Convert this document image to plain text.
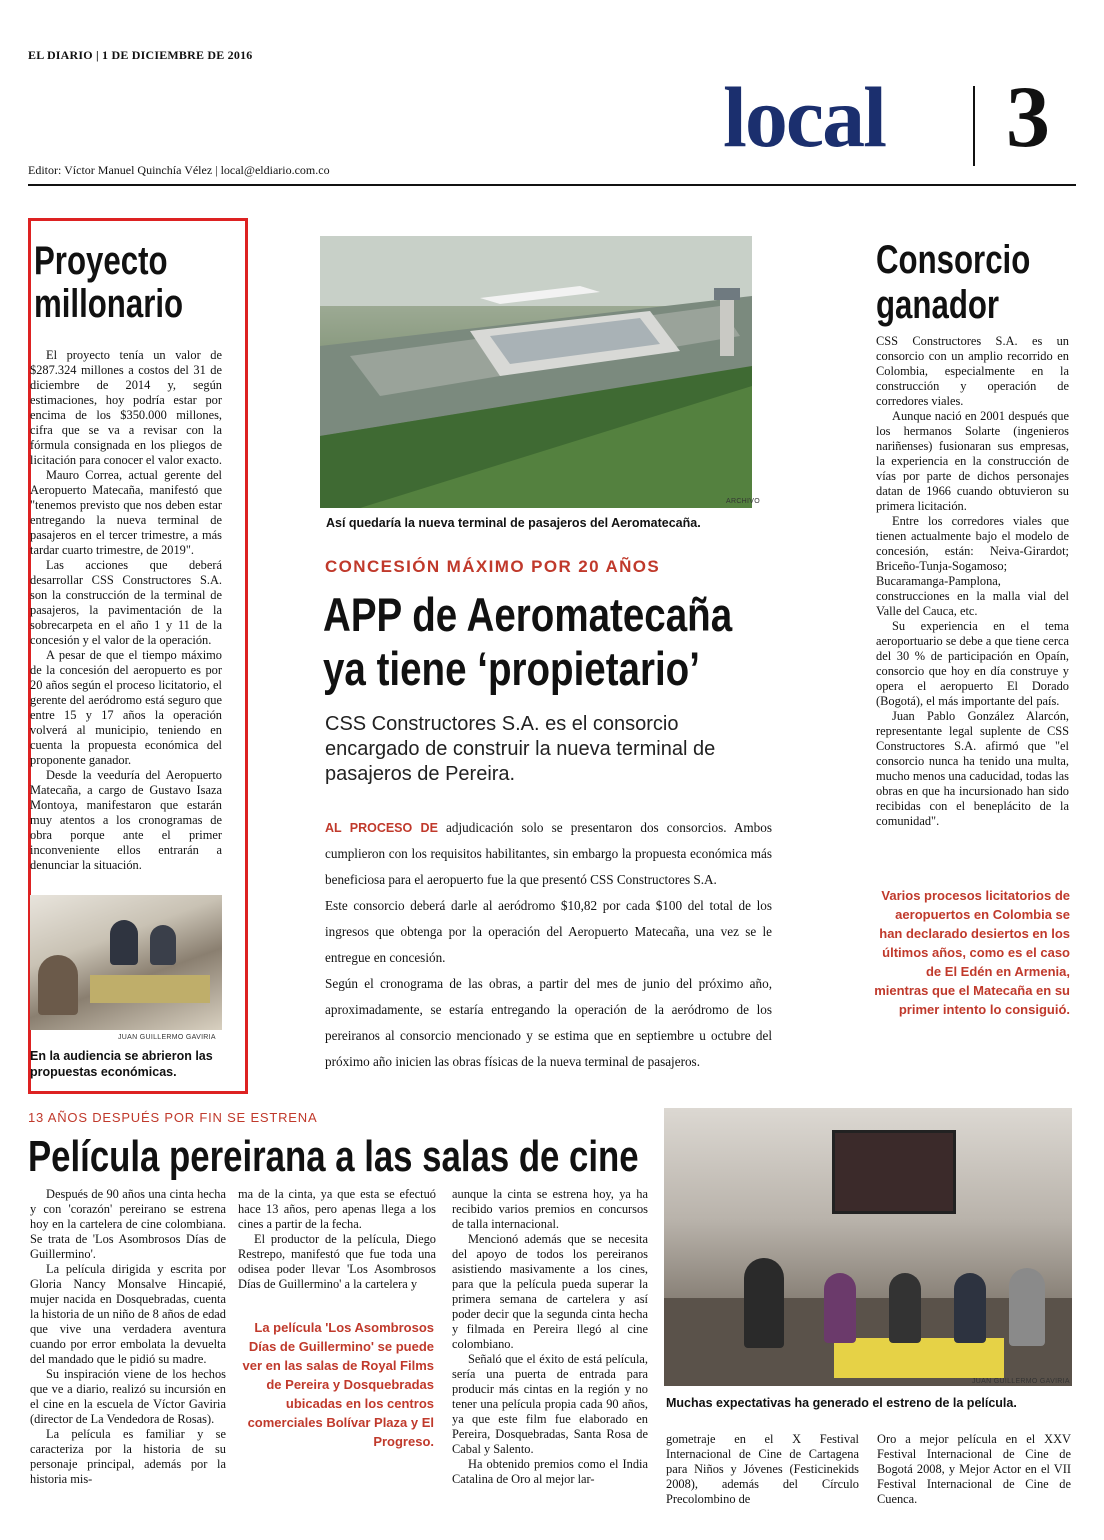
EL DIARIO | 1 DE DICIEMBRE DE 2016
local 3
Editor: Víctor Manuel Quinchía Vélez | local@eldiario.com.co
Proyecto
millonario

El proyecto tenía un valor de $287.324 millones a costos del 31 de diciembre de 2014 y, según estimaciones, hoy podría estar por encima de los $350.000 millones, cifra que se va a revisar con la fórmula consignada en los pliegos de licitación para conocer el valor exacto.

Mauro Correa, actual gerente del Aeropuerto Matecaña, manifestó que "tenemos previsto que nos deben estar entregando la nueva terminal de pasajeros en el tercer trimestre, a más tardar cuarto trimestre, de 2019".

Las acciones que deberá desarrollar CSS Constructores S.A. son la construcción de la terminal de pasajeros, la pavimentación de la sobrecarpeta en el año 1 y 11 de la concesión y el valor de la operación.

A pesar de que el tiempo máximo de la concesión del aeropuerto es por 20 años según el proceso licitatorio, el gerente del aeródromo está seguro que entre 15 y 17 años la operación volverá al municipio, teniendo en cuenta la propuesta económica del proponente ganador.

Desde la veeduría del Aeropuerto Matecaña, a cargo de Gustavo Isaza Montoya, manifestaron que estarán muy atentos a los cronogramas de obra porque ante el primer inconveniente ellos entrarán a denunciar la situación.

JUAN GUILLERMO GAVIRIA
En la audiencia se abrieron las propuestas económicas.
ARCHIVO
Así quedaría la nueva terminal de pasajeros del Aeromatecaña.
CONCESIÓN MÁXIMO POR 20 AÑOS
APP de Aeromatecaña
ya tiene ‘propietario’
CSS Constructores S.A. es el consorcio encargado de construir la nueva terminal de pasajeros de Pereira.
AL PROCESO DE adjudicación solo se presentaron dos consorcios. Ambos cumplieron con los requisitos habilitantes, sin embargo la propuesta económica más beneficiosa para el aeropuerto fue la que presentó CSS Constructores S.A.
Este consorcio deberá darle al aeródromo $10,82 por cada $100 del total de los ingresos que obtenga por la operación del Aeropuerto Matecaña, una vez se le entregue en concesión.
Según el cronograma de las obras, a partir del mes de junio del próximo año, aproximadamente, se estaría entregando la operación de la aeródromo de los pereiranos al consorcio mencionado y se estima que en septiembre u octubre del próximo año inicien las obras físicas de la nueva terminal de pasajeros.
Consorcio
ganador

CSS Constructores S.A. es un consorcio con un amplio recorrido en Colombia, especialmente en la construcción y operación de corredores viales.

Aunque nació en 2001 después que los hermanos Solarte (ingenieros nariñenses) fusionaran sus empresas, la experiencia en la construcción de vías por parte de dichos personajes datan de 1966 cuando obtuvieron su primera licitación.

Entre los corredores viales que tienen actualmente bajo el modelo de concesión, están: Neiva-Girardot; Briceño-Tunja-Sogamoso; Bucaramanga-Pamplona, construcciones en la malla vial del Valle del Cauca, etc.

Su experiencia en el tema aeroportuario se debe a que tiene cerca del 30 % de participación en Opaín, consorcio que hoy en día construye y opera el aeropuerto El Dorado (Bogotá), el más importante del país.

Juan Pablo González Alarcón, representante legal suplente de CSS Constructores S.A. afirmó que "el consorcio nunca ha tenido una multa, mucho menos una caducidad, todas las obras en que ha incursionado han sido recibidas con el beneplácito de la comunidad".

Varios procesos licitatorios de aeropuertos en Colombia se han declarado desiertos en los últimos años, como es el caso de El Edén en Armenia, mientras que el Matecaña en su primer intento lo consiguió.
13 AÑOS DESPUÉS POR FIN SE ESTRENA
Película pereirana a las salas de cine

Después de 90 años una cinta hecha y con 'corazón' pereirano se estrena hoy en la cartelera de cine colombiana. Se trata de 'Los Asombrosos Días de Guillermino'.

La película dirigida y escrita por Gloria Nancy Monsalve Hincapié, mujer nacida en Dosquebradas, cuenta la historia de un niño de 8 años de edad que vive una verdadera aventura cuando por error embolata la devuelta del mandado que le pidió su madre.

Su inspiración viene de los hechos que ve a diario, realizó su incursión en el cine en la escuela de Víctor Gaviria (director de La Vendedora de Rosas).

La película es familiar y se caracteriza por la historia de su personaje principal, además por la historia mis-

ma de la cinta, ya que esta se efectuó hace 13 años, pero apenas llega a los cines a partir de la fecha.

El productor de la película, Diego Restrepo, manifestó que fue toda una odisea poder llevar 'Los Asombrosos Días de Guillermino' a la cartelera y

La película 'Los Asombrosos Días de Guillermino' se puede ver en las salas de Royal Films de Pereira y Dosquebradas ubicadas en los centros comerciales Bolívar Plaza y El Progreso.

aunque la cinta se estrena hoy, ya ha recibido varios premios en concursos de talla internacional.

Mencionó además que se necesita del apoyo de todos los pereiranos asistiendo masivamente a los cines, para que la película pueda superar la primera semana de cartelera y así poder decir que la segunda cinta hecha y filmada en Pereira llegó al cine colombiano.

Señaló que el éxito de está película, sería una puerta de entrada para producir más cintas en la región y no tener una película propia cada 90 años, ya que este film fue elaborado en Pereira, Dosquebradas, Santa Rosa de Cabal y Salento.

Ha obtenido premios como el India Catalina de Oro al mejor lar-

JUAN GUILLERMO GAVIRIA
Muchas expectativas ha generado el estreno de la película.

gometraje en el X Festival Internacional de Cine de Cartagena para Niños y Jóvenes (Festicinekids 2008), además del Círculo Precolombino de

Oro a mejor película en el XXV Festival Internacional de Cine de Bogotá 2008, y Mejor Actor en el VII Festival Internacional de Cine de Cuenca.
